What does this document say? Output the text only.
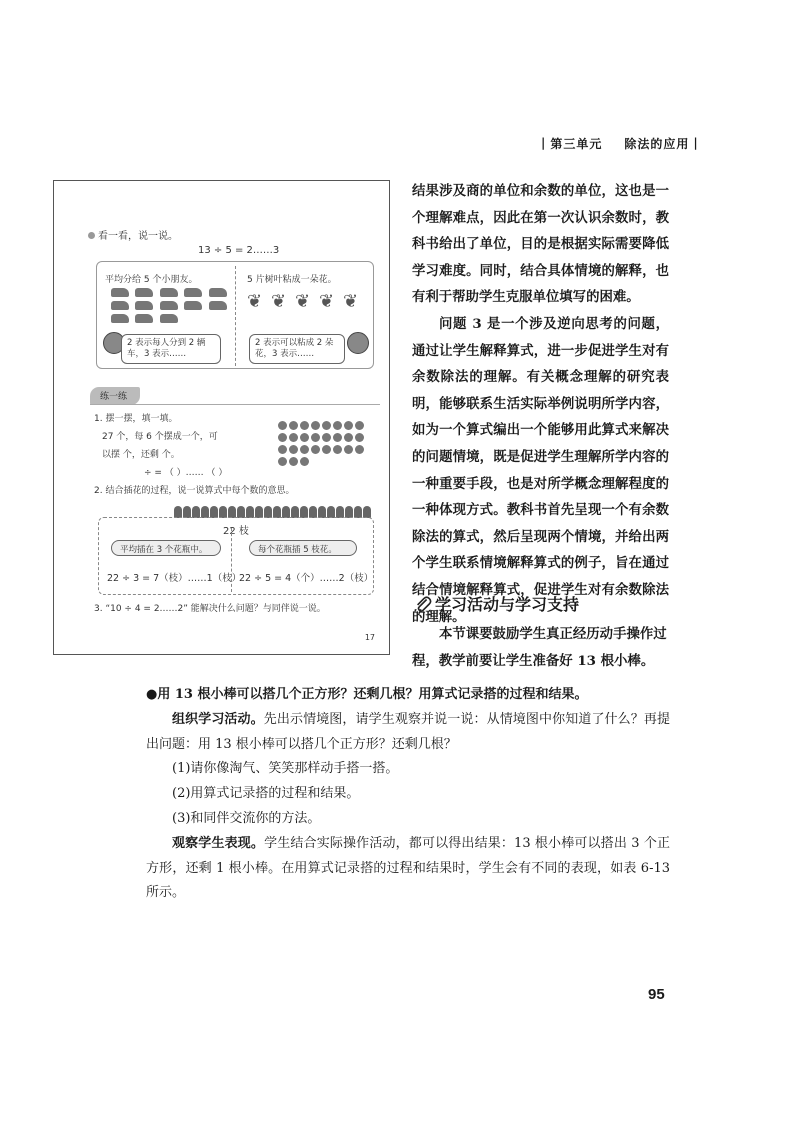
| 第三单元 除法的应用 |
看一看，说一说。
13 ÷ 5 = 2……3
平均分给 5 个小朋友。	5 片树叶粘成一朵花。
❦ ❦ ❦ ❦ ❦
2 表示每人分到 2 辆车，3 表示……
2 表示可以粘成 2 朵花，3 表示……
练一练
1. 摆一摆，填一填。
27 个，每 6 个摆成一个，可
以摆 个，还剩 个。
÷ = （ ）…… （ ）
2. 结合插花的过程，说一说算式中每个数的意思。
22 枝
平均插在 3 个花瓶中。	每个花瓶插 5 枝花。
22 ÷ 3 = 7（枝）……1（枝）
22 ÷ 5 = 4（个）……2（枝）
3. “10 ÷ 4 = 2……2” 能解决什么问题？与同伴说一说。
17

结果涉及商的单位和余数的单位，这也是一个理解难点，因此在第一次认识余数时，教科书给出了单位，目的是根据实际需要降低学习难度。同时，结合具体情境的解释，也有利于帮助学生克服单位填写的困难。

问题 3 是一个涉及逆向思考的问题，通过让学生解释算式，进一步促进学生对有余数除法的理解。有关概念理解的研究表明，能够联系生活实际举例说明所学内容，如为一个算式编出一个能够用此算式来解决的问题情境，既是促进学生理解所学内容的一种重要手段，也是对所学概念理解程度的一种体现方式。教科书首先呈现一个有余数除法的算式，然后呈现两个情境，并给出两个学生联系情境解释算式的例子，旨在通过结合情境解释算式，促进学生对有余数除法的理解。

学习活动与学习支持

本节课要鼓励学生真正经历动手操作过程，教学前要让学生准备好 13 根小棒。

●用 13 根小棒可以搭几个正方形？还剩几根？用算式记录搭的过程和结果。

组织学习活动。先出示情境图，请学生观察并说一说：从情境图中你知道了什么？再提出问题：用 13 根小棒可以搭几个正方形？还剩几根？

(1)请你像淘气、笑笑那样动手搭一搭。

(2)用算式记录搭的过程和结果。

(3)和同伴交流你的方法。

观察学生表现。学生结合实际操作活动，都可以得出结果：13 根小棒可以搭出 3 个正方形，还剩 1 根小棒。在用算式记录搭的过程和结果时，学生会有不同的表现，如表 6-13 所示。

95
